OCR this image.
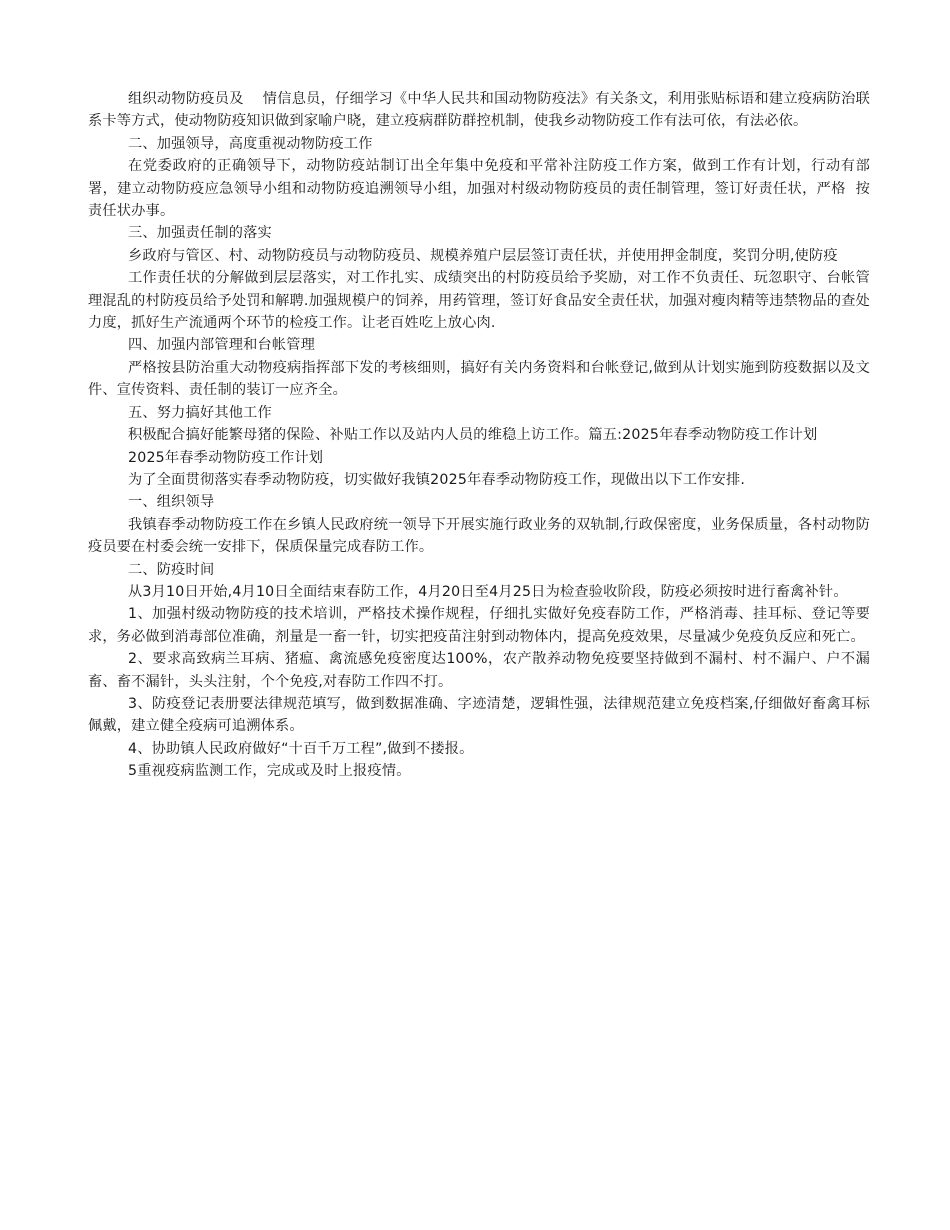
组织动物防疫员及    情信息员，仔细学习《中华人民共和国动物防疫法》有关条文，利用张贴标语和建立疫病防治联系卡等方式，使动物防疫知识做到家喻户晓，建立疫病群防群控机制，使我乡动物防疫工作有法可依，有法必依。

二、加强领导，高度重视动物防疫工作

在党委政府的正确领导下，动物防疫站制订出全年集中免疫和平常补注防疫工作方案，做到工作有计划，行动有部署，建立动物防疫应急领导小组和动物防疫追溯领导小组，加强对村级动物防疫员的责任制管理，签订好责任状，严格  按责任状办事。

三、加强责任制的落实

乡政府与管区、村、动物防疫员与动物防疫员、规模养殖户层层签订责任状，并使用押金制度，奖罚分明,使防疫

工作责任状的分解做到层层落实，对工作扎实、成绩突出的村防疫员给予奖励，对工作不负责任、玩忽职守、台帐管理混乱的村防疫员给予处罚和解聘.加强规模户的饲养，用药管理，签订好食品安全责任状，加强对瘦肉精等违禁物品的查处力度，抓好生产流通两个环节的检疫工作。让老百姓吃上放心肉.

四、加强内部管理和台帐管理

严格按县防治重大动物疫病指挥部下发的考核细则，搞好有关内务资料和台帐登记,做到从计划实施到防疫数据以及文件、宣传资料、责任制的装订一应齐全。

五、努力搞好其他工作

积极配合搞好能繁母猪的保险、补贴工作以及站内人员的维稳上访工作。篇五:2025年春季动物防疫工作计划

2025年春季动物防疫工作计划

为了全面贯彻落实春季动物防疫，切实做好我镇2025年春季动物防疫工作，现做出以下工作安排.

一、组织领导

我镇春季动物防疫工作在乡镇人民政府统一领导下开展实施行政业务的双轨制,行政保密度，业务保质量，各村动物防疫员要在村委会统一安排下，保质保量完成春防工作。

二、防疫时间

从3月10日开始,4月10日全面结束春防工作，4月20日至4月25日为检查验收阶段，防疫必须按时进行畜禽补针。

1、加强村级动物防疫的技术培训，严格技术操作规程，仔细扎实做好免疫春防工作，严格消毒、挂耳标、登记等要求，务必做到消毒部位准确，剂量是一畜一针，切实把疫苗注射到动物体内，提高免疫效果，尽量减少免疫负反应和死亡。

2、要求高致病兰耳病、猪瘟、禽流感免疫密度达100%，农产散养动物免疫要坚持做到不漏村、村不漏户、户不漏畜、畜不漏针，头头注射，个个免疫,对春防工作四不打。

3、防疫登记表册要法律规范填写，做到数据准确、字迹清楚，逻辑性强，法律规范建立免疫档案,仔细做好畜禽耳标佩戴，建立健全疫病可追溯体系。

4、协助镇人民政府做好“十百千万工程”,做到不搂报。

5重视疫病监测工作，完成或及时上报疫情。
